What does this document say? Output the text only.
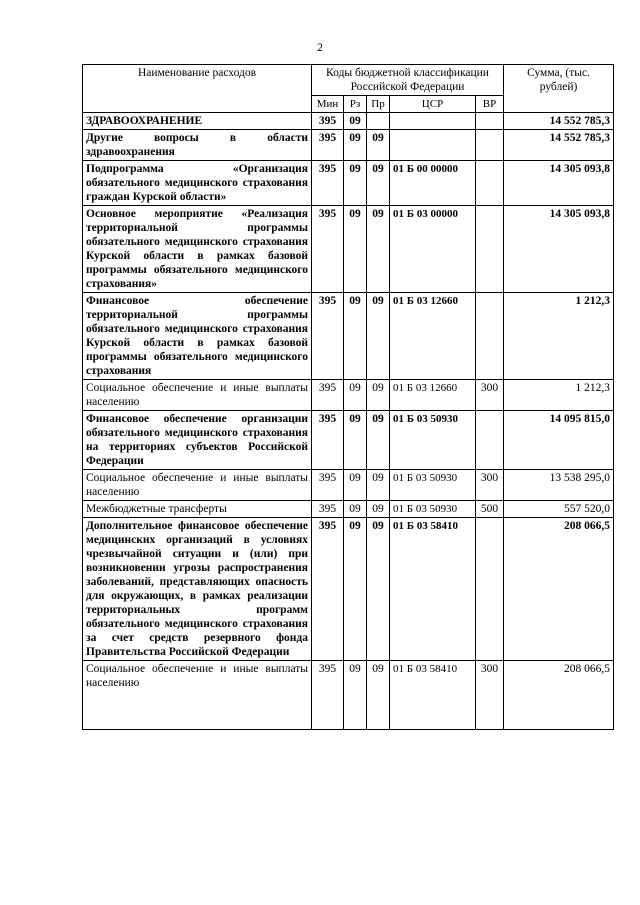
2
Наименование расходов	Коды бюджетной классификации Российской Федерации					Сумма, (тыс. рублей)
	Мин	Рз	Пр	ЦСР	ВР	
ЗДРАВООХРАНЕНИЕ	395	09				14 552 785,3
Другие вопросы в области здравоохранения	395	09	09			14 552 785,3
Подпрограмма «Организация обязательного медицинского страхования граждан Курской области»	395	09	09	01 Б 00 00000		14 305 093,8
Основное мероприятие «Реализация территориальной программы обязательного медицинского страхования Курской области в рамках базовой программы обязательного медицинского страхования»	395	09	09	01 Б 03 00000		14 305 093,8
Финансовое обеспечение территориальной программы обязательного медицинского страхования Курской области в рамках базовой программы обязательного медицинского страхования	395	09	09	01 Б 03 12660		1 212,3
Социальное обеспечение и иные выплаты населению	395	09	09	01 Б 03 12660	300	1 212,3
Финансовое обеспечение организации обязательного медицинского страхования на территориях субъектов Российской Федерации	395	09	09	01 Б 03 50930		14 095 815,0
Социальное обеспечение и иные выплаты населению	395	09	09	01 Б 03 50930	300	13 538 295,0
Межбюджетные трансферты	395	09	09	01 Б 03 50930	500	557 520,0
Дополнительное финансовое обеспечение медицинских организаций в условиях чрезвычайной ситуации и (или) при возникновении угрозы распространения заболеваний, представляющих опасность для окружающих, в рамках реализации территориальных программ обязательного медицинского страхования за счет средств резервного фонда Правительства Российской Федерации	395	09	09	01 Б 03 58410		208 066,5
Социальное обеспечение и иные выплаты населению	395	09	09	01 Б 03 58410	300	208 066,5
